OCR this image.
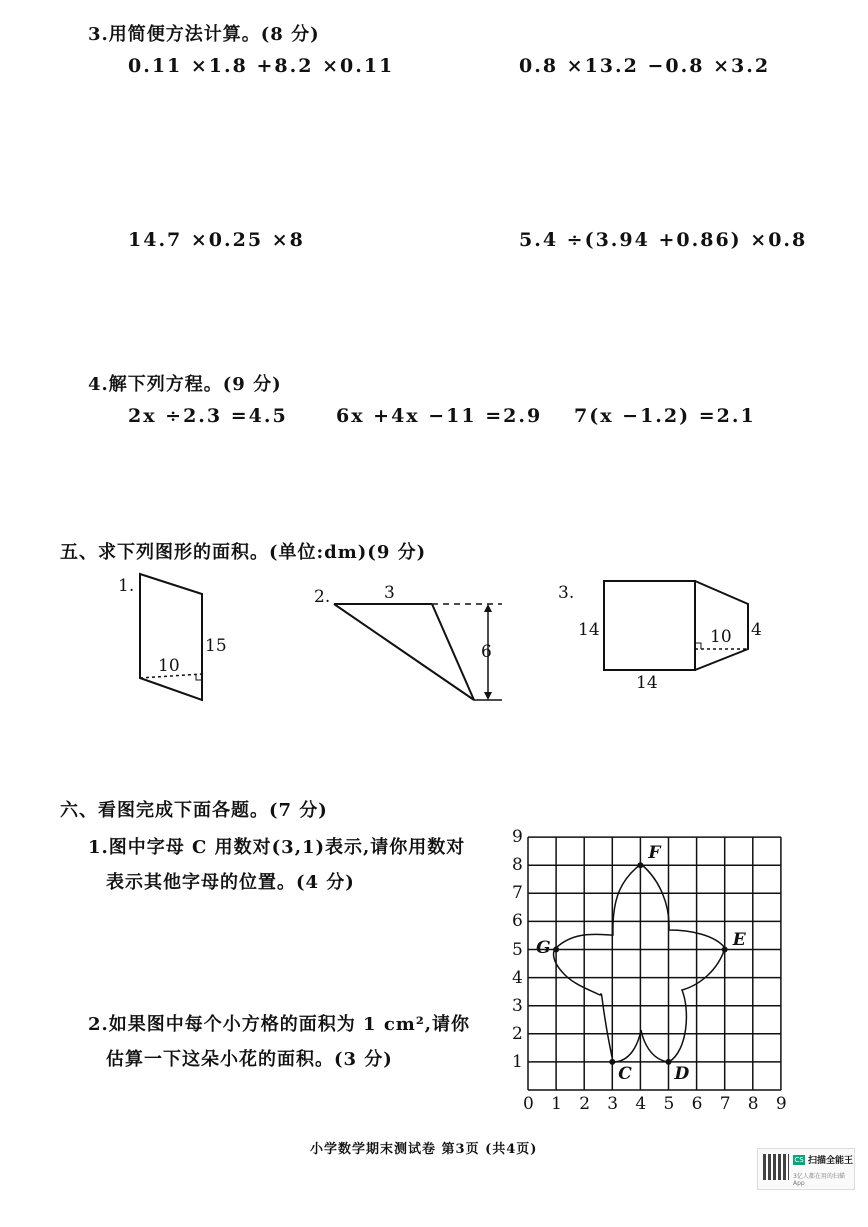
3.用简便方法计算。(8 分)
0.11 ×1.8 +8.2 ×0.11	0.8 ×13.2 −0.8 ×3.2
14.7 ×0.25 ×8	5.4 ÷(3.94 +0.86) ×0.8
4.解下列方程。(9 分)
2x ÷2.3 =4.5	6x +4x −11 =2.9 7(x −1.2) =2.1
五、求下列图形的面积。(单位:dm)(9 分)
1.
10
15
2.	3
6
3.
14
14
10 4
六、看图完成下面各题。(7 分)
1.图中字母 C 用数对(3,1)表示,请你用数对
表示其他字母的位置。(4 分)
2.如果图中每个小方格的面积为 1 cm²,请你
估算一下这朵小花的面积。(3 分)
0 1 2 3 4 5 6 7 8 9
1
2
3
4
5
6
7
8
9
F
G	E
C	D
小学数学期末测试卷 第3页 (共4页)
CS 扫描全能王
3亿人都在用的扫描App
